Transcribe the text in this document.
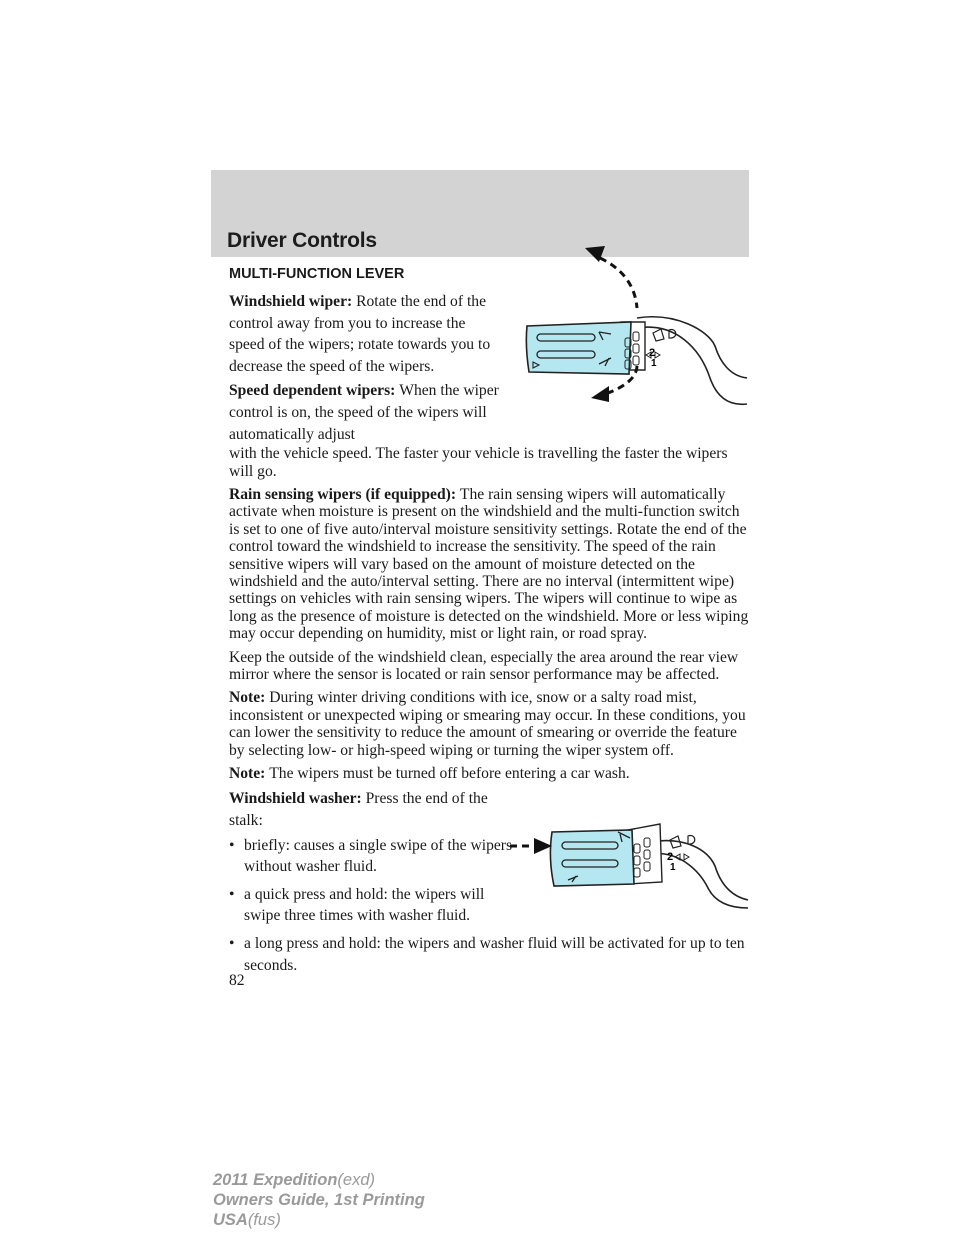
Driver Controls
2
1
2
1
MULTI-FUNCTION LEVER

Windshield wiper: Rotate the end of the control away from you to increase the speed of the wipers; rotate towards you to decrease the speed of the wipers.

Speed dependent wipers: When the wiper control is on, the speed of the wipers will automatically adjust

with the vehicle speed. The faster your vehicle is travelling the faster the wipers will go.

Rain sensing wipers (if equipped): The rain sensing wipers will automatically activate when moisture is present on the windshield and the multi-function switch is set to one of five auto/interval moisture sensitivity settings. Rotate the end of the control toward the windshield to increase the sensitivity. The speed of the rain sensitive wipers will vary based on the amount of moisture detected on the windshield and the auto/interval setting. There are no interval (intermittent wipe) settings on vehicles with rain sensing wipers. The wipers will continue to wipe as long as the presence of moisture is detected on the windshield. More or less wiping may occur depending on humidity, mist or light rain, or road spray.

Keep the outside of the windshield clean, especially the area around the rear view mirror where the sensor is located or rain sensor performance may be affected.

Note: During winter driving conditions with ice, snow or a salty road mist, inconsistent or unexpected wiping or smearing may occur. In these conditions, you can lower the sensitivity to reduce the amount of smearing or override the feature by selecting low- or high-speed wiping or turning the wiper system off.

Note: The wipers must be turned off before entering a car wash.

Windshield washer: Press the end of the stalk:

• briefly: causes a single swipe of the wipers without washer fluid.
• a quick press and hold: the wipers will swipe three times with washer fluid.
• a long press and hold: the wipers and washer fluid will be activated for up to ten seconds.
82
2011 Expedition(exd)
Owners Guide, 1st Printing
USA(fus)
